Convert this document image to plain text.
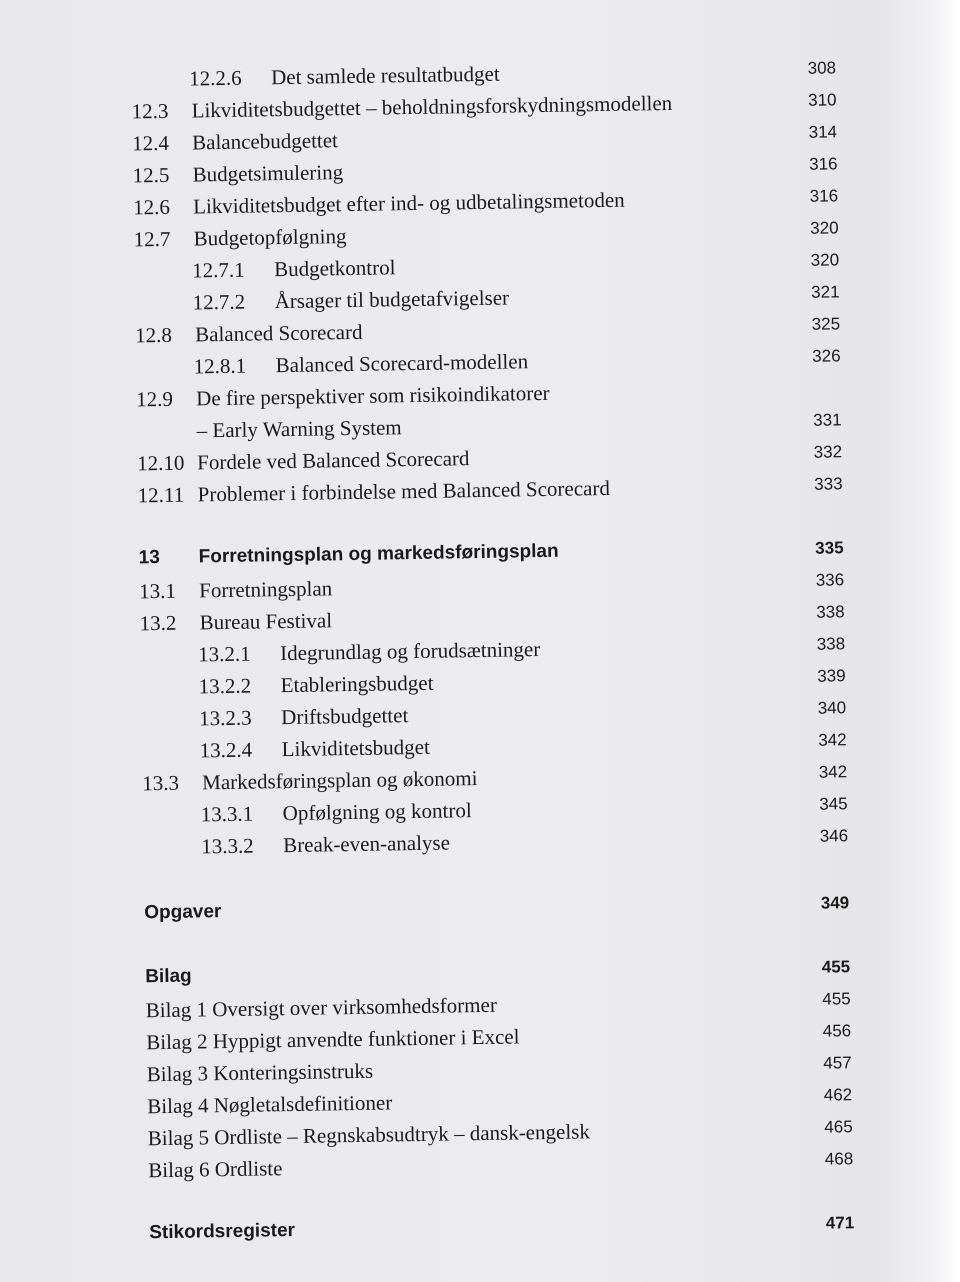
12.2.6 Det samlede resultatbudget	308
12.3 Likviditetsbudgettet – beholdningsforskydningsmodellen	310
12.4 Balancebudgettet	314
12.5 Budgetsimulering	316
12.6 Likviditetsbudget efter ind- og udbetalingsmetoden	316
12.7 Budgetopfølgning	320
12.7.1 Budgetkontrol	320
12.7.2 Årsager til budgetafvigelser	321
12.8 Balanced Scorecard	325
12.8.1 Balanced Scorecard-modellen	326
12.9 De fire perspektiver som risikoindikatorer
– Early Warning System	331
12.10 Fordele ved Balanced Scorecard	332
12.11 Problemer i forbindelse med Balanced Scorecard	333
13 Forretningsplan og markedsføringsplan	335
13.1 Forretningsplan	336
13.2 Bureau Festival	338
13.2.1 Idegrundlag og forudsætninger	338
13.2.2 Etableringsbudget	339
13.2.3 Driftsbudgettet	340
13.2.4 Likviditetsbudget	342
13.3 Markedsføringsplan og økonomi	342
13.3.1 Opfølgning og kontrol	345
13.3.2 Break-even-analyse	346
Opgaver	349
Bilag	455
Bilag 1 Oversigt over virksomhedsformer	455
Bilag 2 Hyppigt anvendte funktioner i Excel	456
Bilag 3 Konteringsinstruks	457
Bilag 4 Nøgletalsdefinitioner	462
Bilag 5 Ordliste – Regnskabsudtryk – dansk-engelsk	465
Bilag 6 Ordliste	468
Stikordsregister	471
